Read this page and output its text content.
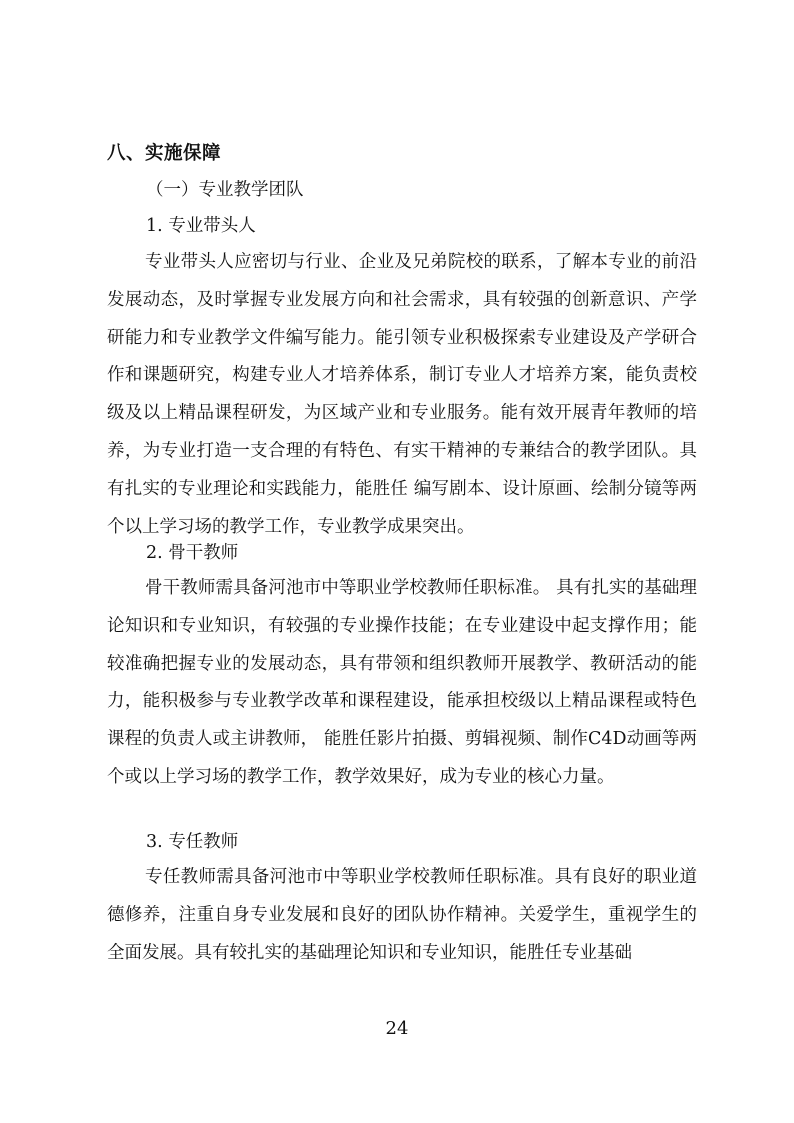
八、实施保障

（一）专业教学团队

1. 专业带头人

专业带头人应密切与行业、企业及兄弟院校的联系，了解本专业的前沿发展动态，及时掌握专业发展方向和社会需求，具有较强的创新意识、产学研能力和专业教学文件编写能力。能引领专业积极探索专业建设及产学研合作和课题研究，构建专业人才培养体系，制订专业人才培养方案，能负责校级及以上精品课程研发，为区域产业和专业服务。能有效开展青年教师的培养，为专业打造一支合理的有特色、有实干精神的专兼结合的教学团队。具有扎实的专业理论和实践能力，能胜任 编写剧本、设计原画、绘制分镜等两个以上学习场的教学工作，专业教学成果突出。

2. 骨干教师

骨干教师需具备河池市中等职业学校教师任职标准。 具有扎实的基础理论知识和专业知识，有较强的专业操作技能；在专业建设中起支撑作用；能较准确把握专业的发展动态，具有带领和组织教师开展教学、教研活动的能力，能积极参与专业教学改革和课程建设，能承担校级以上精品课程或特色课程的负责人或主讲教师， 能胜任影片拍摄、剪辑视频、制作C4D动画等两个或以上学习场的教学工作，教学效果好，成为专业的核心力量。

3. 专任教师

专任教师需具备河池市中等职业学校教师任职标准。具有良好的职业道德修养，注重自身专业发展和良好的团队协作精神。关爱学生，重视学生的全面发展。具有较扎实的基础理论知识和专业知识，能胜任专业基础

24
